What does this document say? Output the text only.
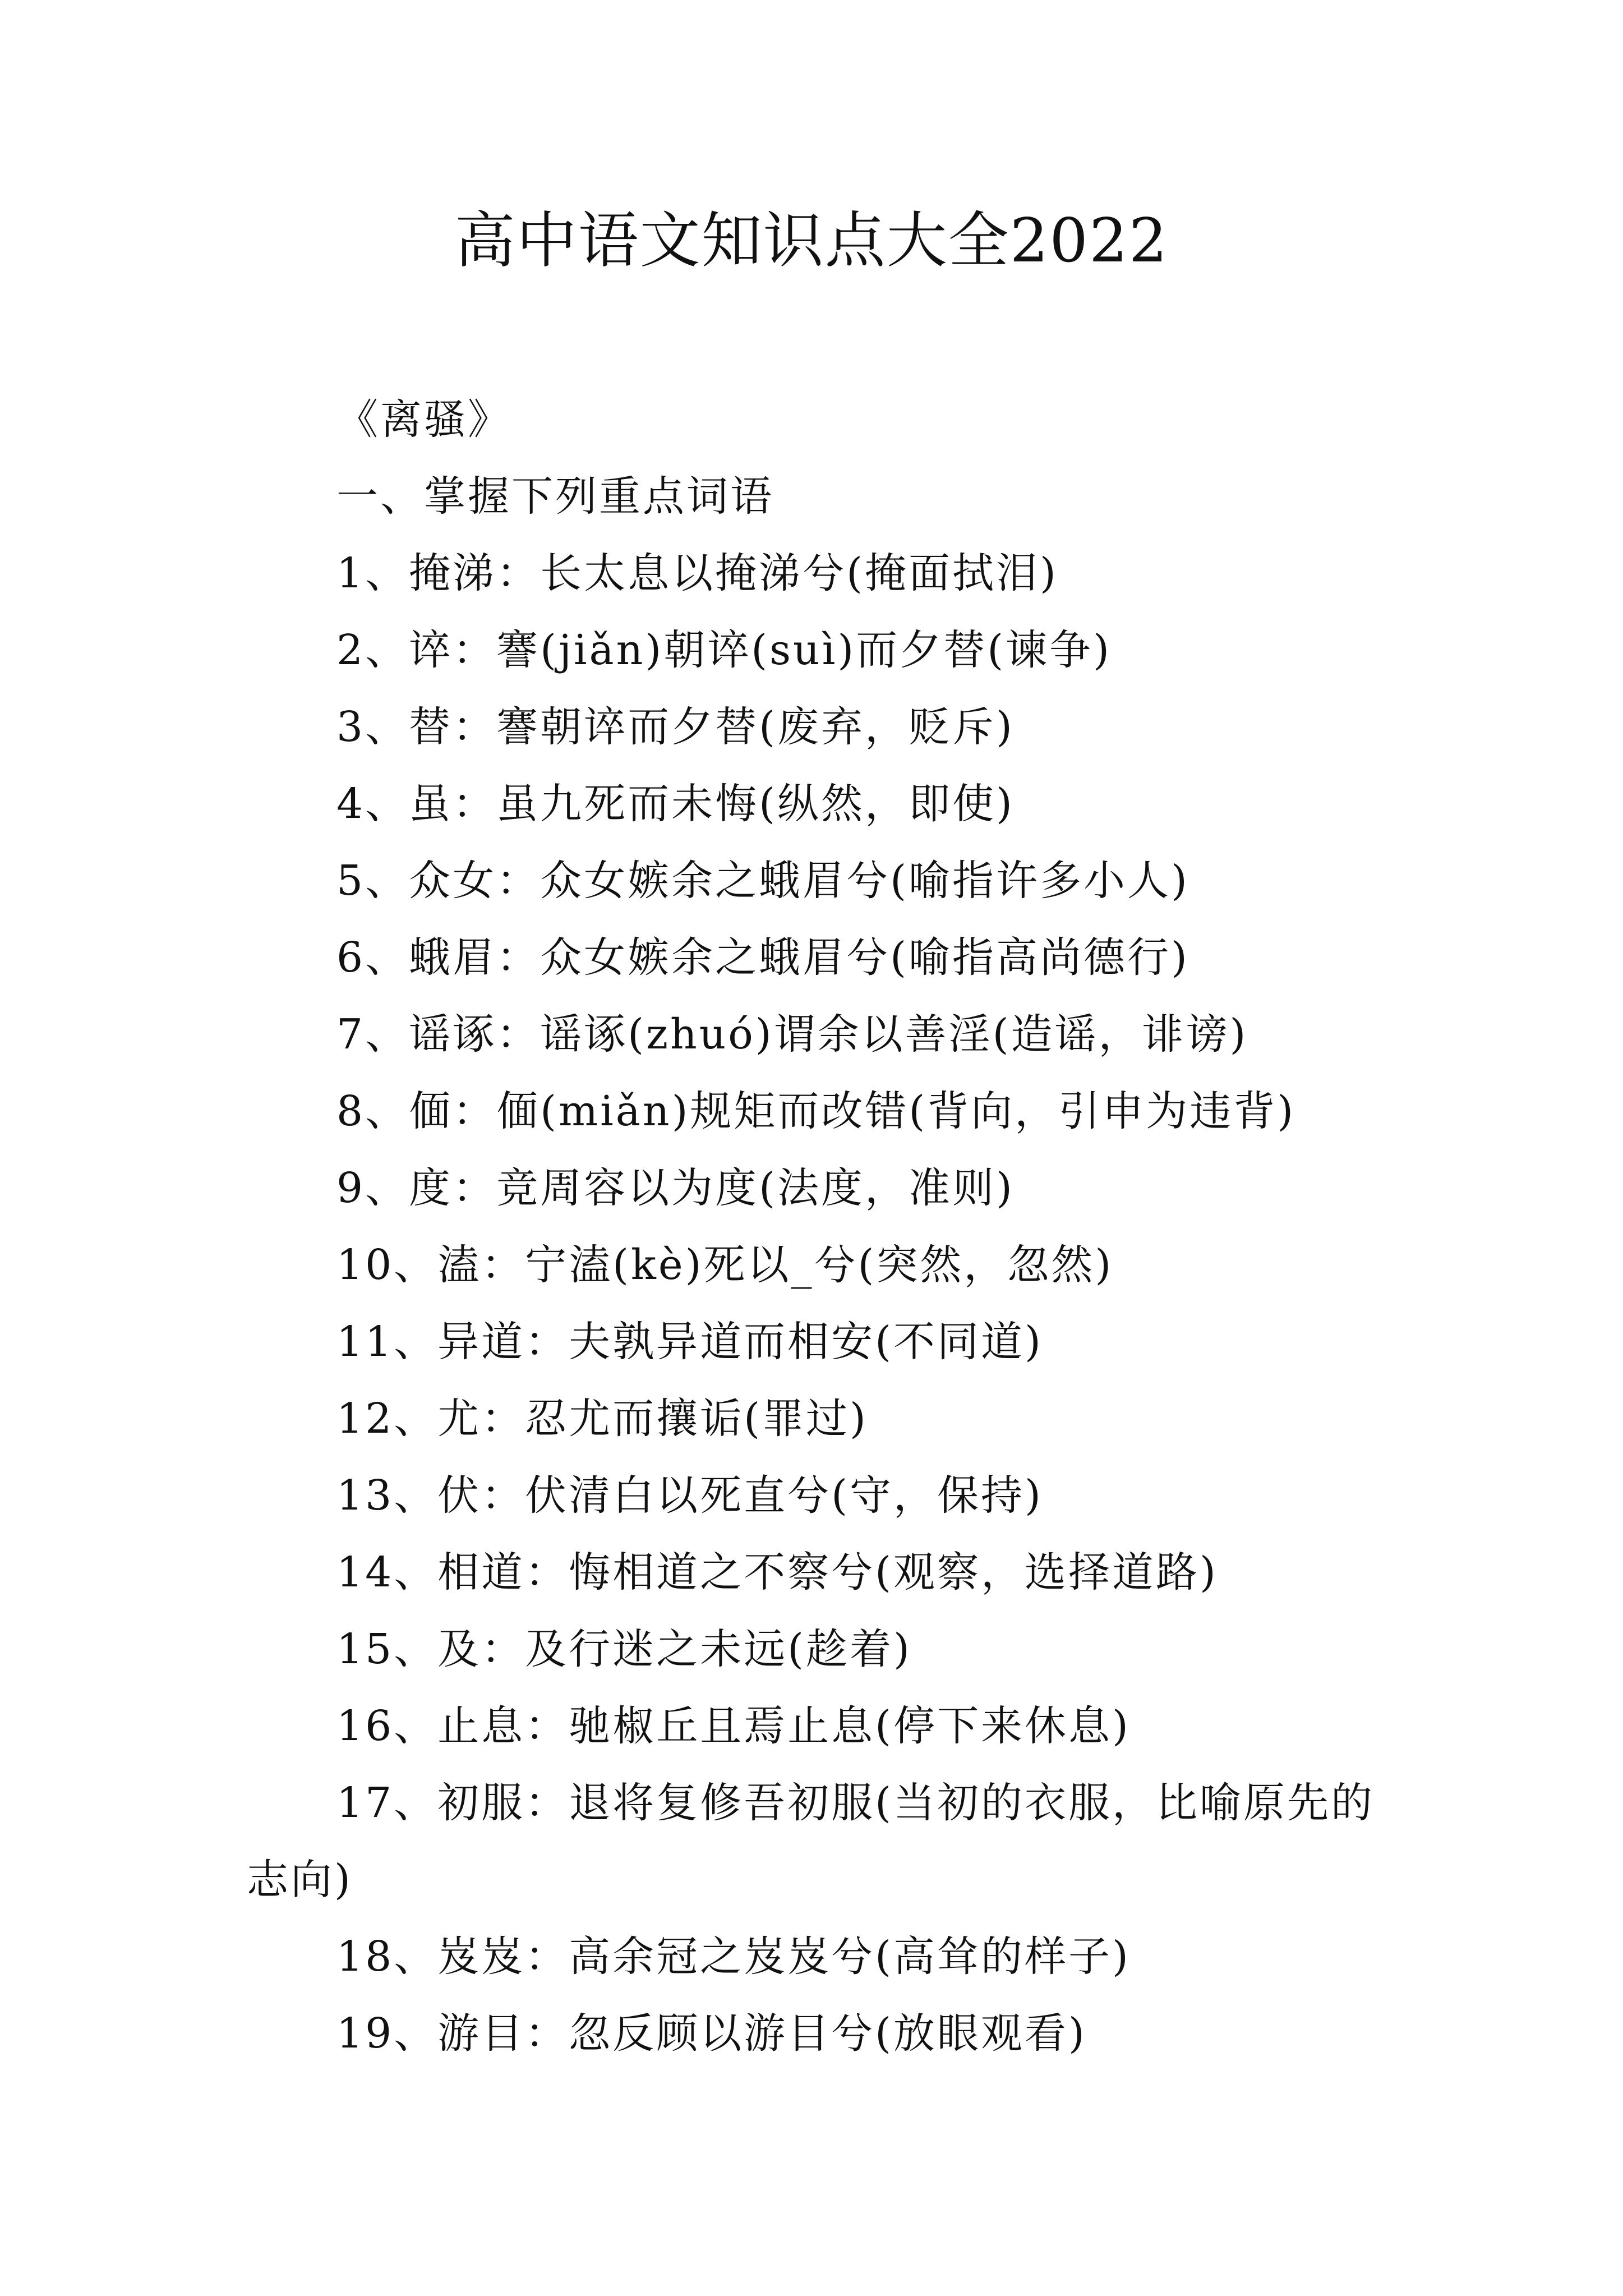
高中语文知识点大全2022
《离骚》
一、掌握下列重点词语
1、掩涕：长太息以掩涕兮(掩面拭泪)
2、谇：謇(jiǎn)朝谇(suì)而夕替(谏争)
3、替：謇朝谇而夕替(废弃，贬斥)
4、虽：虽九死而未悔(纵然，即使)
5、众女：众女嫉余之蛾眉兮(喻指许多小人)
6、蛾眉：众女嫉余之蛾眉兮(喻指高尚德行)
7、谣诼：谣诼(zhuó)谓余以善淫(造谣，诽谤)
8、偭：偭(miǎn)规矩而改错(背向，引申为违背)
9、度：竞周容以为度(法度，准则)
10、溘：宁溘(kè)死以_兮(突然，忽然)
11、异道：夫孰异道而相安(不同道)
12、尤：忍尤而攘诟(罪过)
13、伏：伏清白以死直兮(守，保持)
14、相道：悔相道之不察兮(观察，选择道路)
15、及：及行迷之未远(趁着)
16、止息：驰椒丘且焉止息(停下来休息)
17、初服：退将复修吾初服(当初的衣服，比喻原先的
志向)
18、岌岌：高余冠之岌岌兮(高耸的样子)
19、游目：忽反顾以游目兮(放眼观看)
